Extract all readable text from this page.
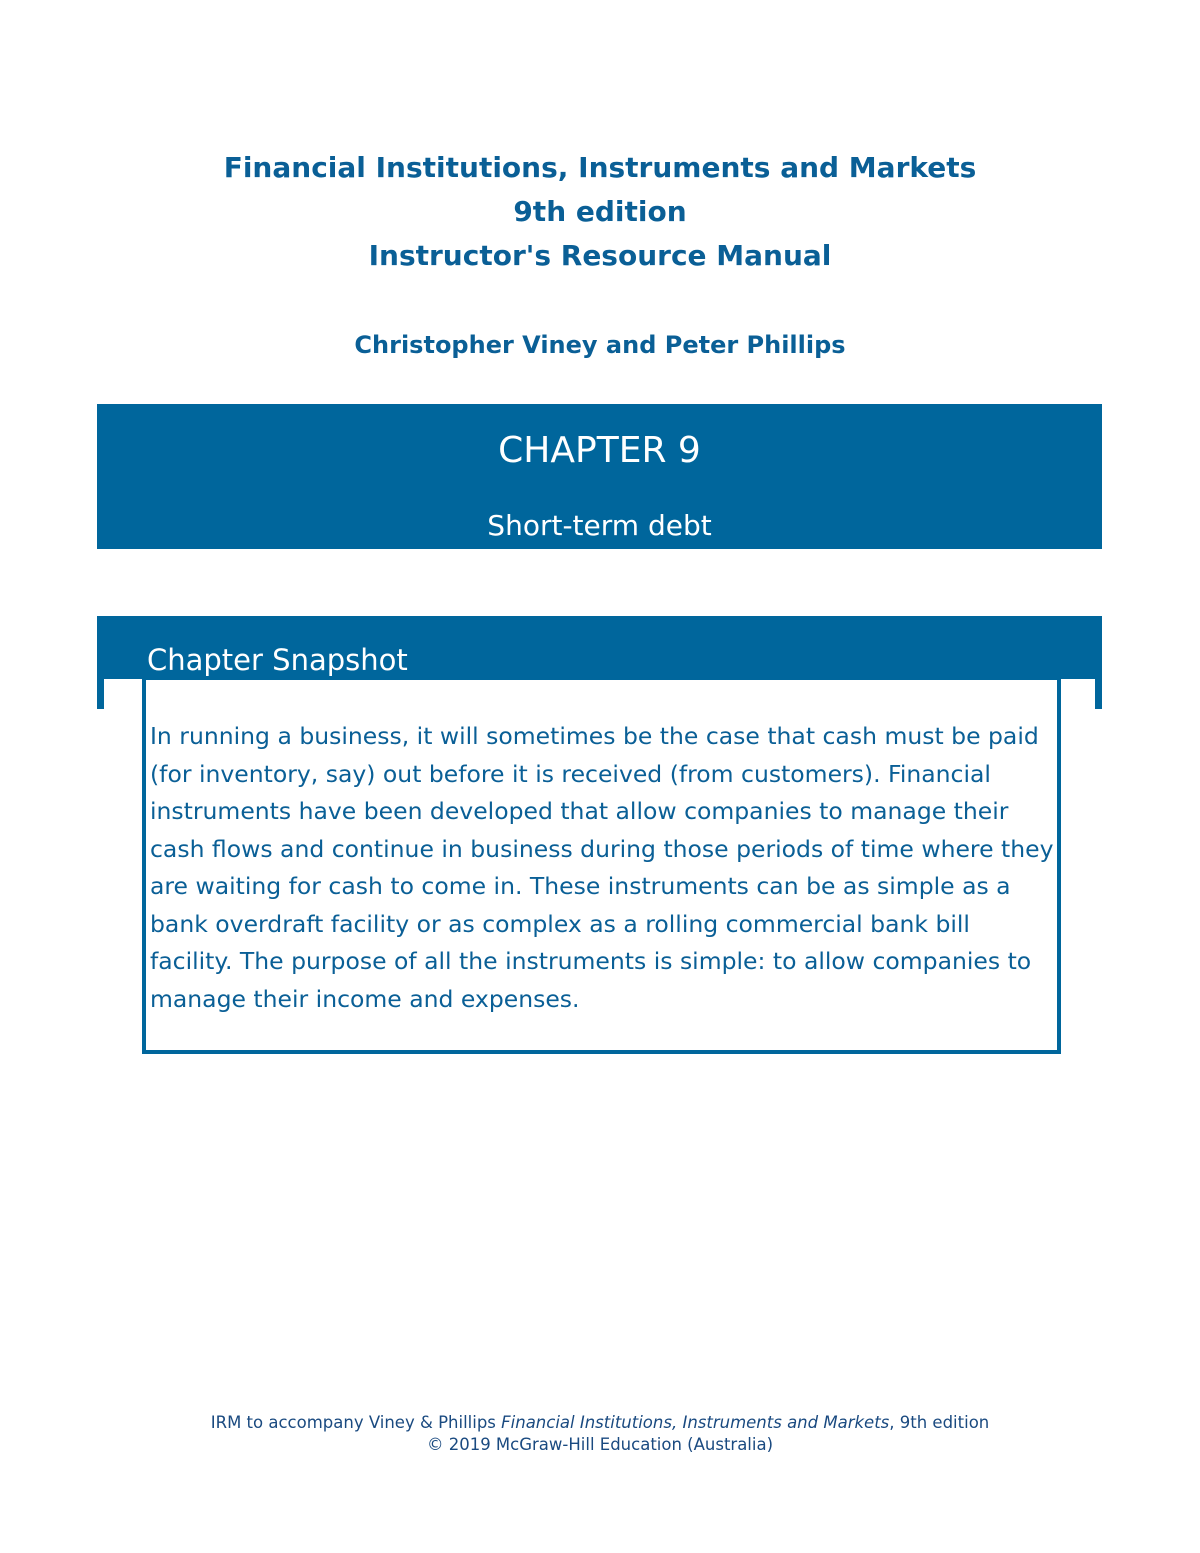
Financial Institutions, Instruments and Markets
9th edition
Instructor's Resource Manual
Christopher Viney and Peter Phillips
CHAPTER 9
Short-term debt
In running a business, it will sometimes be the case that cash must be paid (for inventory, say) out before it is received (from customers). Financial instruments have been developed that allow companies to manage their cash flows and continue in business during those periods of time where they are waiting for cash to come in. These instruments can be as simple as a bank overdraft facility or as complex as a rolling commercial bank bill facility. The purpose of all the instruments is simple: to allow companies to manage their income and expenses.
Chapter Snapshot
IRM to accompany Viney & Phillips Financial Institutions, Instruments and Markets, 9th edition
© 2019 McGraw-Hill Education (Australia)
